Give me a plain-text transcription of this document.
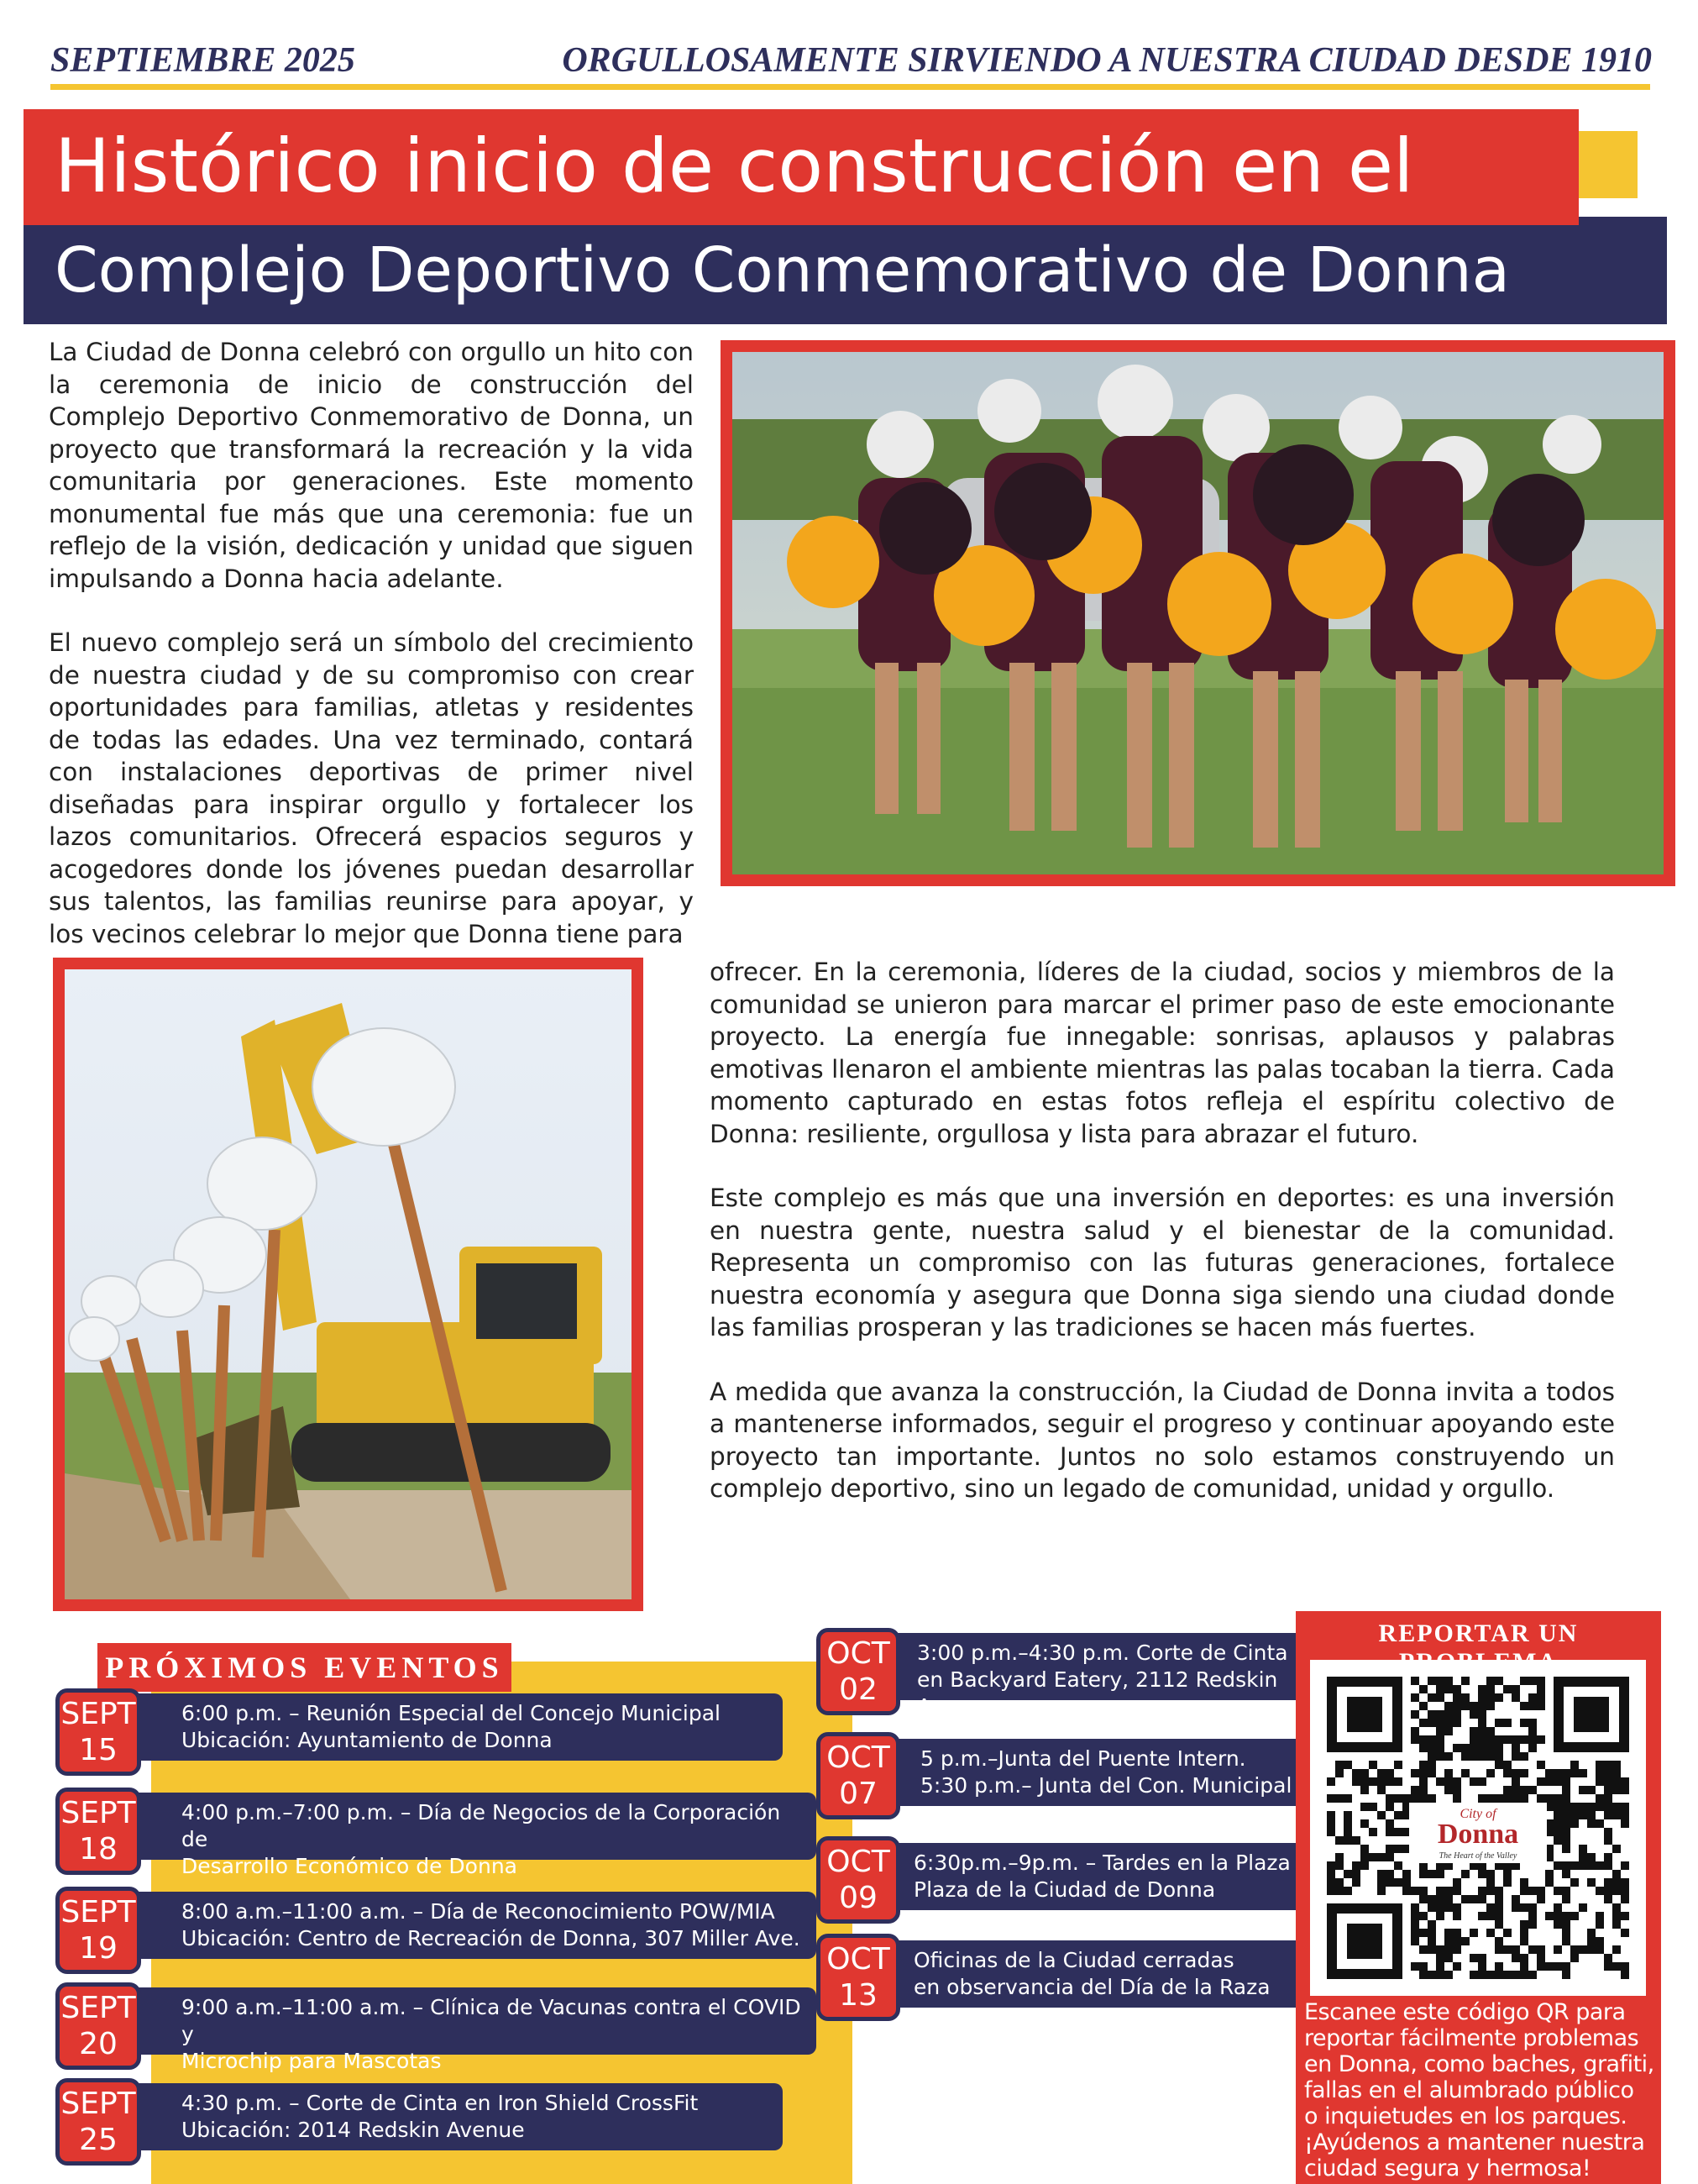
SEPTIEMBRE 2025	ORGULLOSAMENTE SIRVIENDO A NUESTRA CIUDAD DESDE 1910
Histórico inicio de construcción en el
Complejo Deportivo Conmemorativo de Donna

La Ciudad de Donna celebró con orgullo un hito con la ceremonia de inicio de construcción del Complejo Deportivo Conmemorativo de Donna, un proyecto que transformará la recreación y la vida comunitaria por generaciones. Este momento monumental fue más que una ceremonia: fue un reflejo de la visión, dedicación y unidad que siguen impulsando a Donna hacia adelante.

El nuevo complejo será un símbolo del crecimiento de nuestra ciudad y de su compromiso con crear oportunidades para familias, atletas y residentes de todas las edades. Una vez terminado, contará con instalaciones deportivas de primer nivel diseñadas para inspirar orgullo y fortalecer los lazos comunitarios. Ofrecerá espacios seguros y acogedores donde los jóvenes puedan desarrollar sus talentos, las familias reunirse para apoyar, y los vecinos celebrar lo mejor que Donna tiene para

ofrecer. En la ceremonia, líderes de la ciudad, socios y miembros de la comunidad se unieron para marcar el primer paso de este emocionante proyecto. La energía fue innegable: sonrisas, aplausos y palabras emotivas llenaron el ambiente mientras las palas tocaban la tierra. Cada momento capturado en estas fotos refleja el espíritu colectivo de Donna: resiliente, orgullosa y lista para abrazar el futuro.

Este complejo es más que una inversión en deportes: es una inversión en nuestra gente, nuestra salud y el bienestar de la comunidad. Representa un compromiso con las futuras generaciones, fortalece nuestra economía y asegura que Donna siga siendo una ciudad donde las familias prosperan y las tradiciones se hacen más fuertes.

A medida que avanza la construcción, la Ciudad de Donna invita a todos a mantenerse informados, seguir el progreso y continuar apoyando este proyecto tan importante. Juntos no solo estamos construyendo un complejo deportivo, sino un legado de comunidad, unidad y orgullo.

PRÓXIMOS EVENTOS
6:00 p.m. – Reunión Especial del Concejo Municipal
Ubicación: Ayuntamiento de Donna
SEPT
15
4:00 p.m.–7:00 p.m. – Día de Negocios de la Corporación de
Desarrollo Económico de Donna
SEPT
18
8:00 a.m.–11:00 a.m. – Día de Reconocimiento POW/MIA
Ubicación: Centro de Recreación de Donna, 307 Miller Ave.
SEPT
19
9:00 a.m.–11:00 a.m. – Clínica de Vacunas contra el COVID y
Microchip para Mascotas
SEPT
20
4:30 p.m. – Corte de Cinta en Iron Shield CrossFit
Ubicación: 2014 Redskin Avenue
SEPT
25
3:00 p.m.–4:30 p.m. Corte de Cinta
en Backyard Eatery, 2112 Redskin Ave
OCT
02
5 p.m.–Junta del Puente Intern.
5:30 p.m.– Junta del Con. Municipal
OCT
07
6:30p.m.–9p.m. – Tardes en la Plaza
Plaza de la Ciudad de Donna
OCT
09
Oficinas de la Ciudad cerradas
en observancia del Día de la Raza
OCT
13
REPORTAR UN
City of
Donna
The Heart of the Valley
Escanee este código QR para
reportar fácilmente problemas
en Donna, como baches, grafiti,
fallas en el alumbrado público
o inquietudes en los parques.
¡Ayúdenos a mantener nuestra
ciudad segura y hermosa!
